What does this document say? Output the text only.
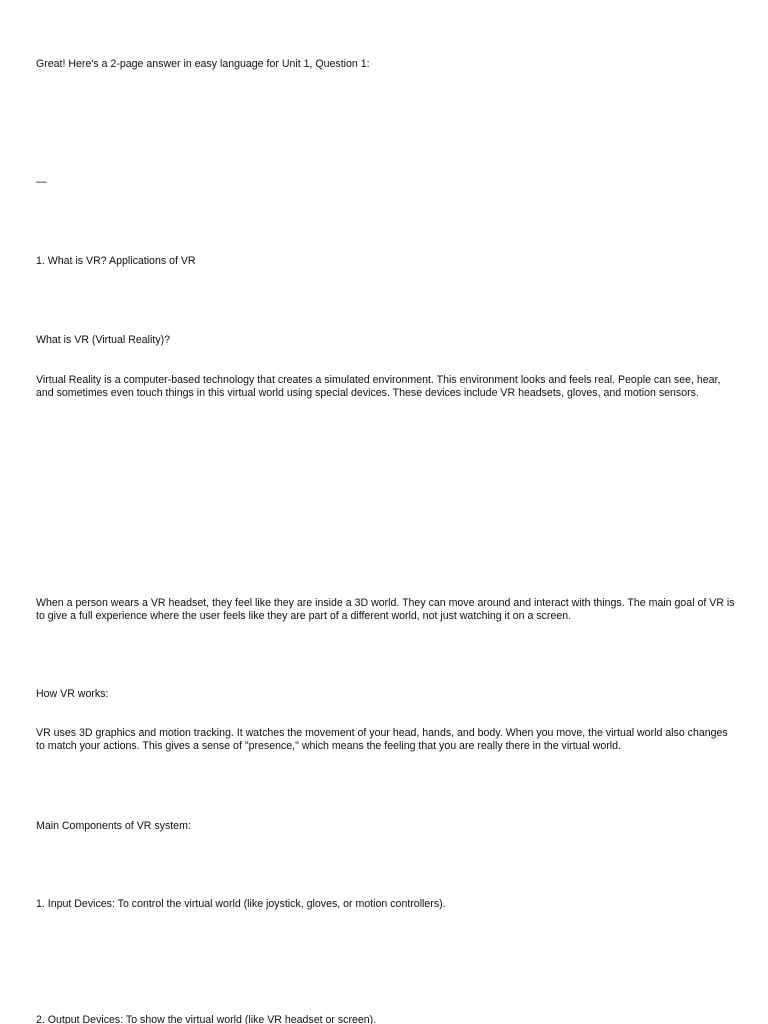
Great! Here's a 2-page answer in easy language for Unit 1, Question 1:

—

1. What is VR? Applications of VR

What is VR (Virtual Reality)?

Virtual Reality is a computer-based technology that creates a simulated environment. This environment looks and feels real. People can see, hear, and sometimes even touch things in this virtual world using special devices. These devices include VR headsets, gloves, and motion sensors.

When a person wears a VR headset, they feel like they are inside a 3D world. They can move around and interact with things. The main goal of VR is to give a full experience where the user feels like they are part of a different world, not just watching it on a screen.

How VR works:

VR uses 3D graphics and motion tracking. It watches the movement of your head, hands, and body. When you move, the virtual world also changes to match your actions. This gives a sense of "presence," which means the feeling that you are really there in the virtual world.

Main Components of VR system:

1. Input Devices: To control the virtual world (like joystick, gloves, or motion controllers).

2. Output Devices: To show the virtual world (like VR headset or screen).
